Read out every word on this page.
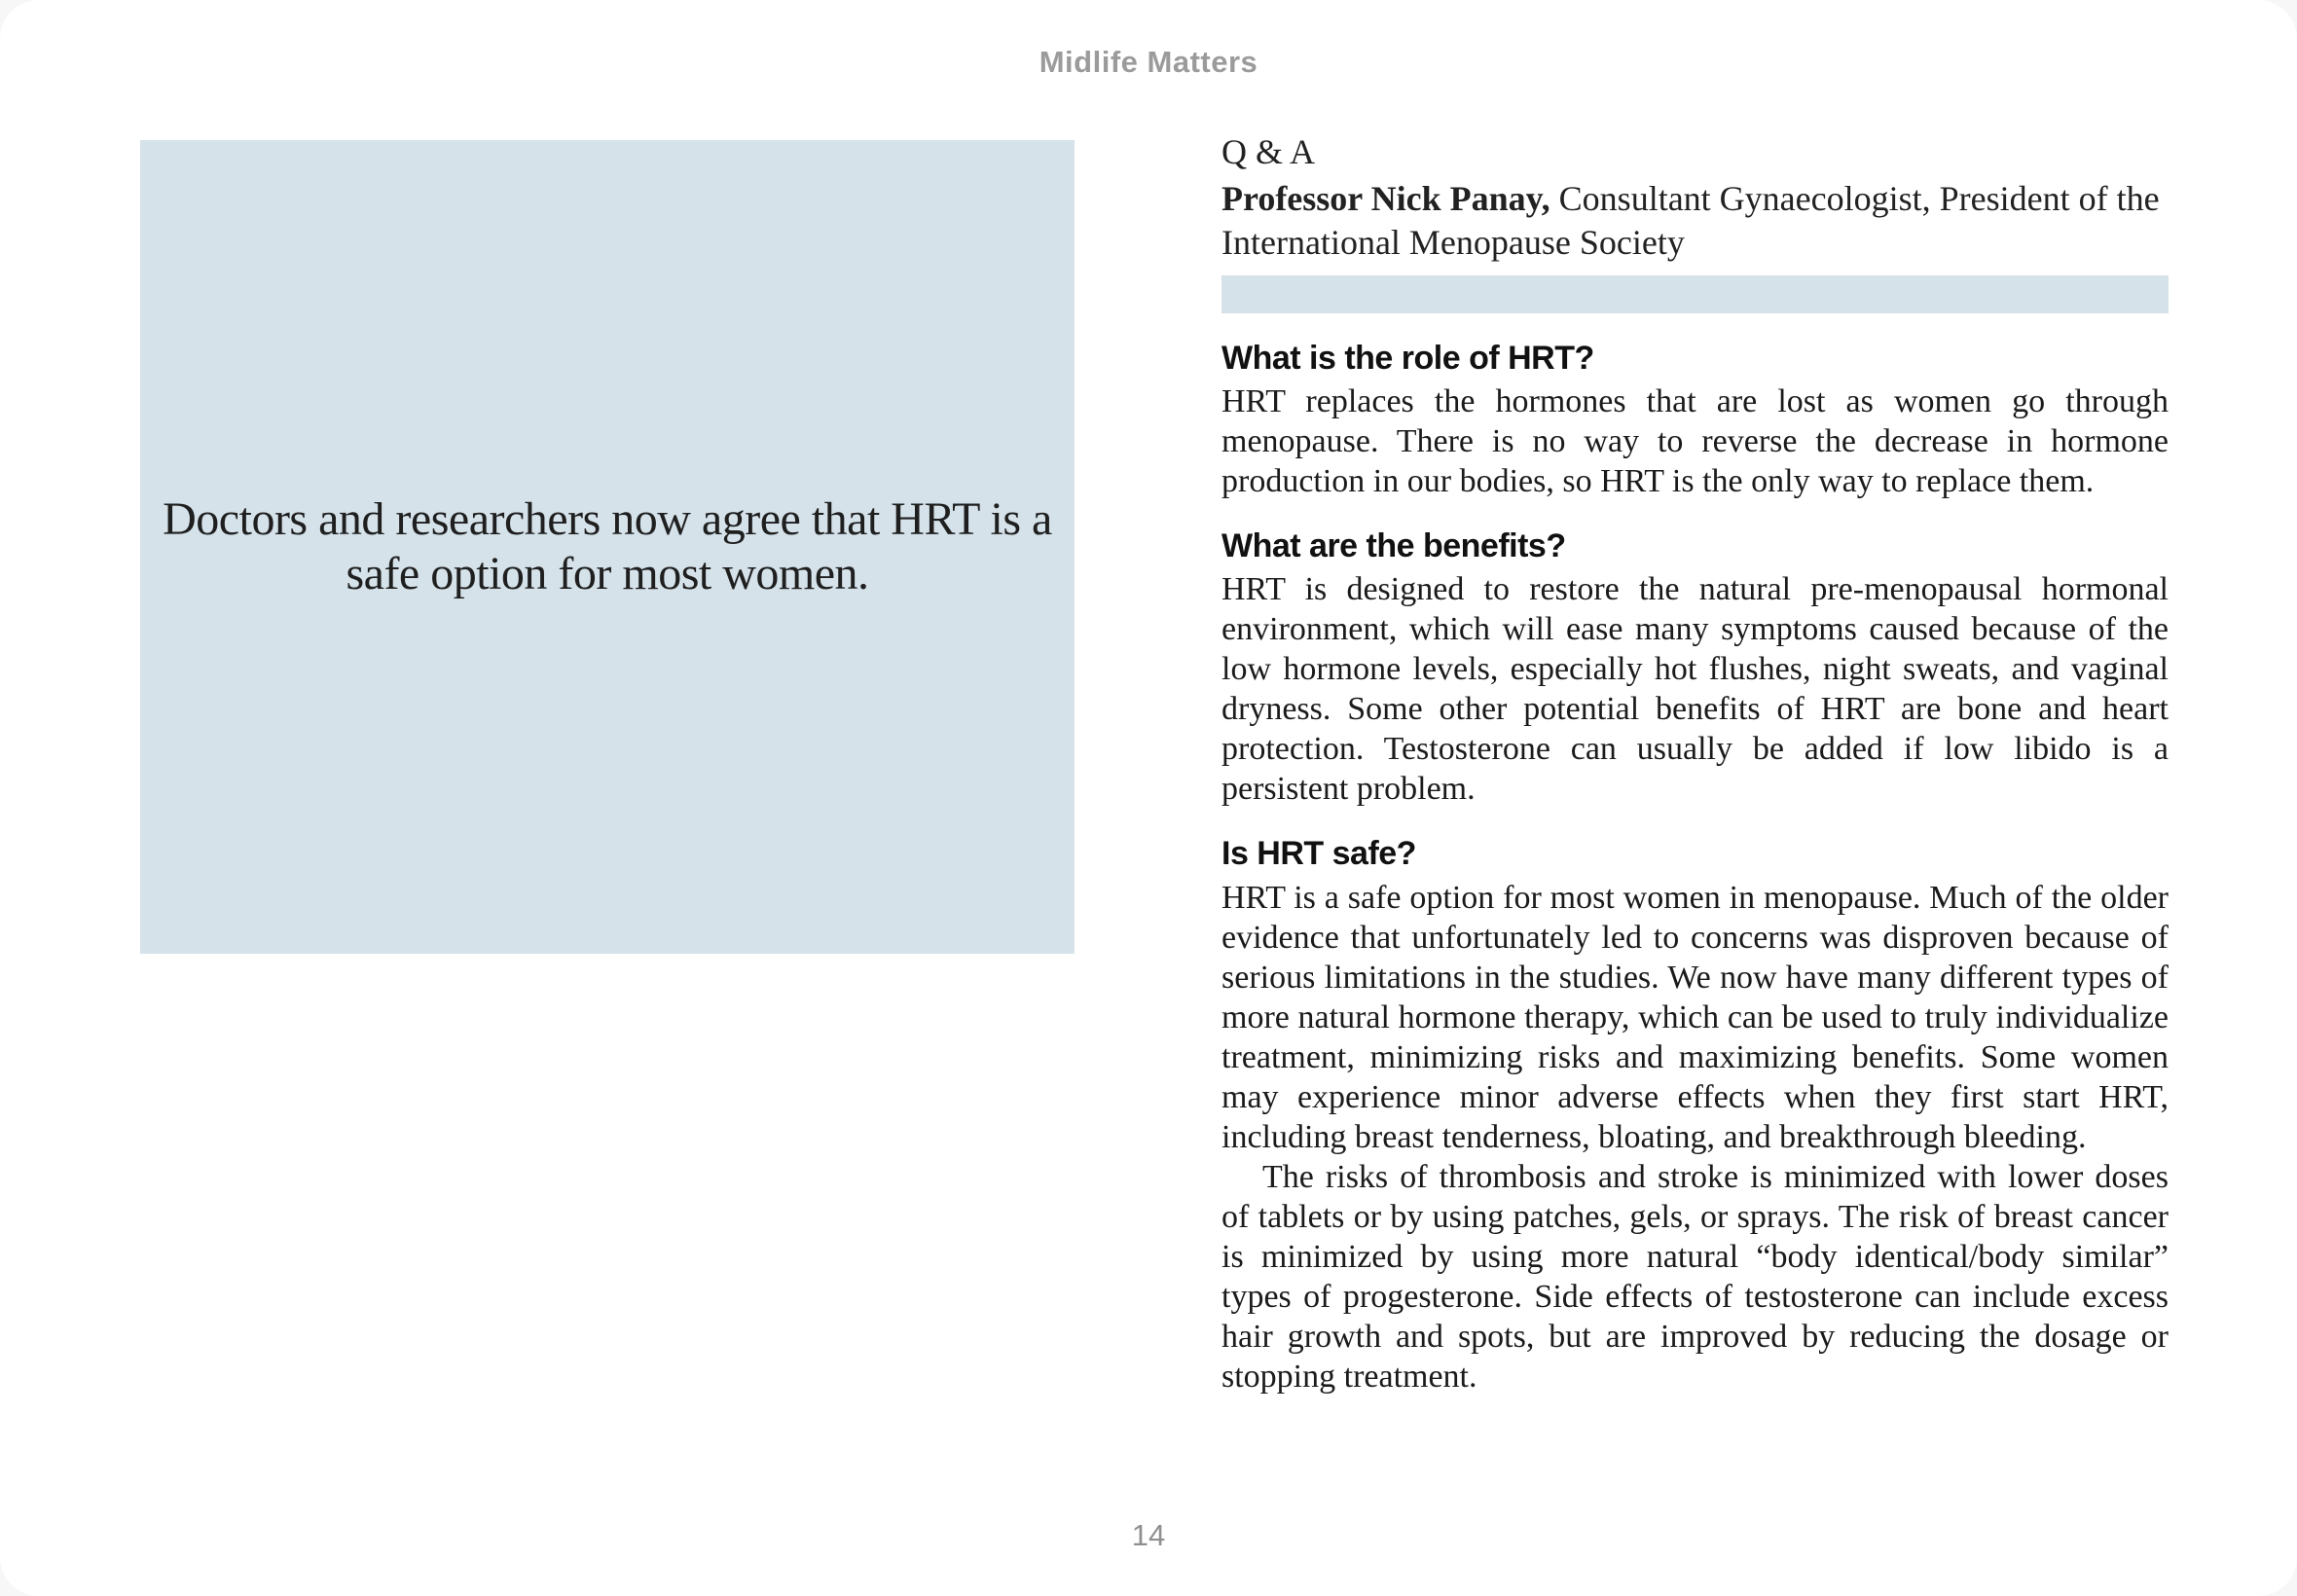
Midlife Matters
Doctors and researchers now agree that HRT is a safe option for most women.
Q & A

Professor Nick Panay, Consultant Gynaecologist, President of the International Menopause Society

What is the role of HRT?

HRT replaces the hormones that are lost as women go through menopause. There is no way to reverse the decrease in hormone production in our bodies, so HRT is the only way to replace them.

What are the benefits?

HRT is designed to restore the natural pre-menopausal hormonal environment, which will ease many symptoms caused because of the low hormone levels, especially hot flushes, night sweats, and vaginal dryness. Some other potential benefits of HRT are bone and heart protection. Testosterone can usually be added if low libido is a persistent problem.

Is HRT safe?

HRT is a safe option for most women in menopause. Much of the older evidence that unfortunately led to concerns was disproven because of serious limitations in the studies. We now have many different types of more natural hormone therapy, which can be used to truly individualize treatment, minimizing risks and maximizing benefits. Some women may experience minor adverse effects when they first start HRT, including breast tenderness, bloating, and breakthrough bleeding.

The risks of thrombosis and stroke is minimized with lower doses of tablets or by using patches, gels, or sprays. The risk of breast cancer is minimized by using more natural “body identical/body similar” types of progesterone. Side effects of testosterone can include excess hair growth and spots, but are improved by reducing the dosage or stopping treatment.

14
